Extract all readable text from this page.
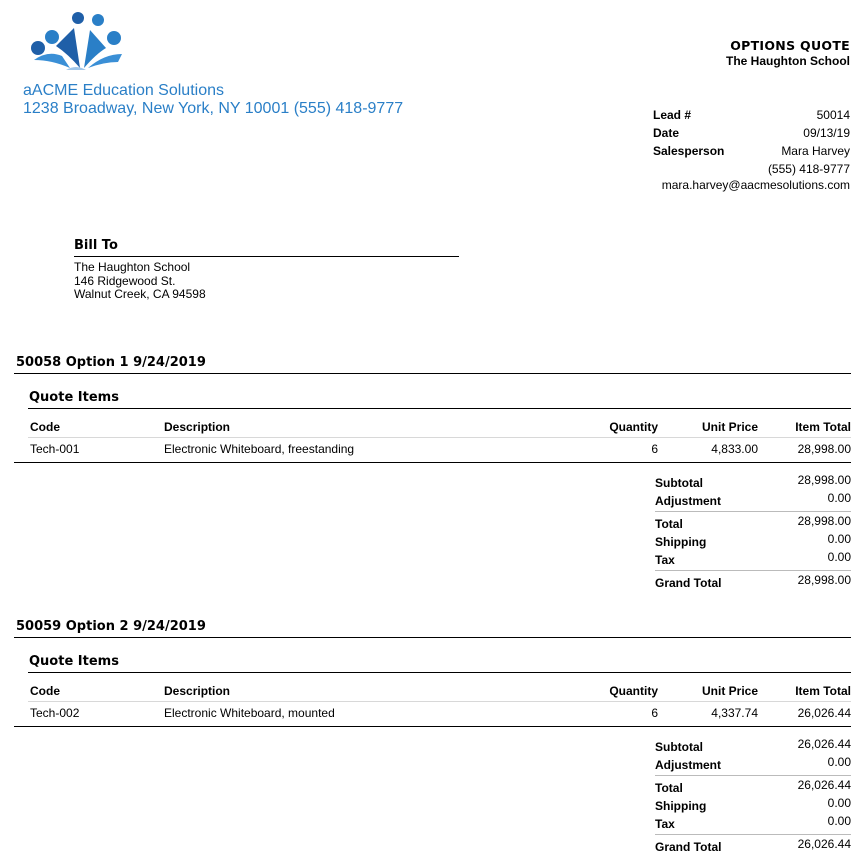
aACME Education Solutions
1238 Broadway, New York, NY 10001 (555) 418-9777
OPTIONS QUOTE
The Haughton School
Lead #	50014
Date	09/13/19
Salesperson	Mara Harvey
(555) 418-9777
mara.harvey@aacmesolutions.com
Bill To
The Haughton School
146 Ridgewood St.
Walnut Creek, CA 94598
50058 Option 1 9/24/2019
Quote Items
Code	Description	Quantity	Unit Price	Item Total
Tech-001	Electronic Whiteboard, freestanding	6	4,833.00	28,998.00
Subtotal	28,998.00
Adjustment	0.00
Total	28,998.00
Shipping	0.00
Tax	0.00
Grand Total	28,998.00
50059 Option 2 9/24/2019
Quote Items
Code	Description	Quantity	Unit Price	Item Total
Tech-002	Electronic Whiteboard, mounted	6	4,337.74	26,026.44
Subtotal	26,026.44
Adjustment	0.00
Total	26,026.44
Shipping	0.00
Tax	0.00
Grand Total	26,026.44
